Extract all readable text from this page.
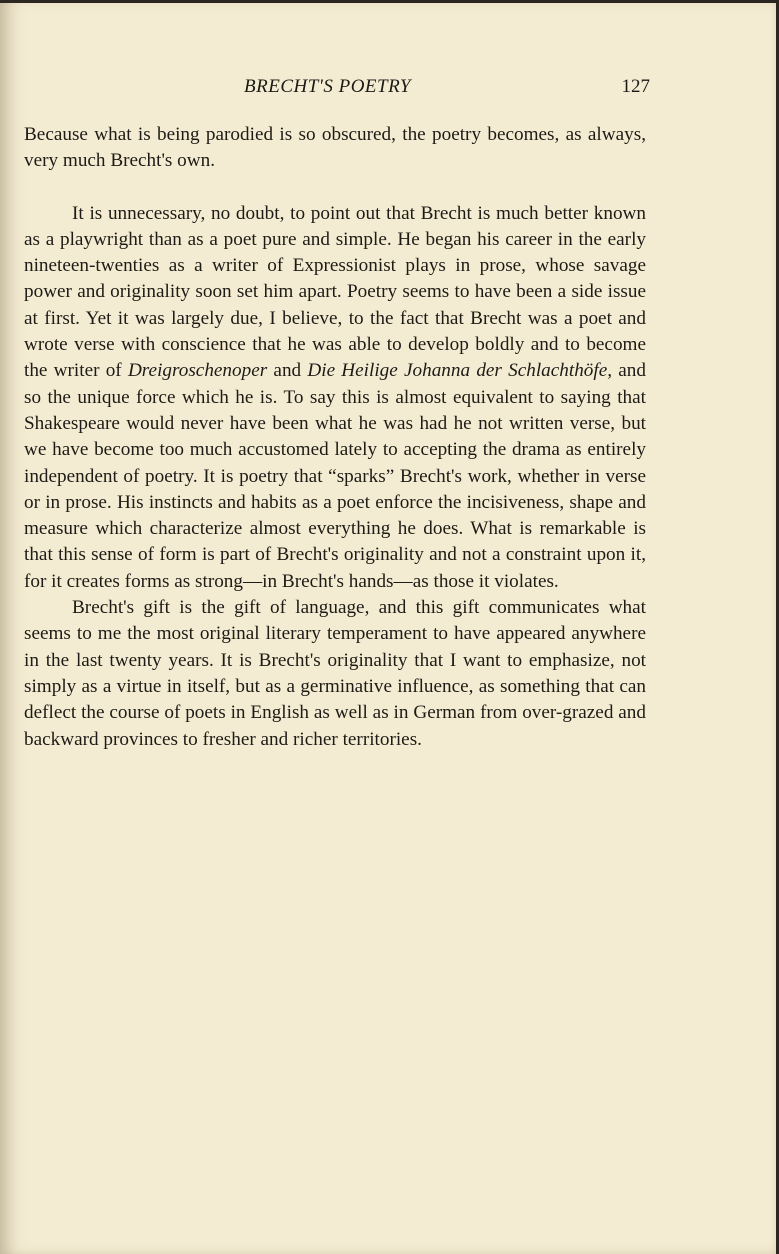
BRECHT'S POETRY	127

Because what is being parodied is so obscured, the poetry becomes, as always, very much Brecht's own.

It is unnecessary, no doubt, to point out that Brecht is much better known as a playwright than as a poet pure and simple. He began his career in the early nineteen-twenties as a writer of Expressionist plays in prose, whose savage power and originality soon set him apart. Poetry seems to have been a side issue at first. Yet it was largely due, I believe, to the fact that Brecht was a poet and wrote verse with conscience that he was able to develop boldly and to become the writer of Dreigroschenoper and Die Heilige Johanna der Schlachthöfe, and so the unique force which he is. To say this is almost equivalent to saying that Shakespeare would never have been what he was had he not written verse, but we have become too much accustomed lately to accepting the drama as entirely independent of poetry. It is poetry that “sparks” Brecht's work, whether in verse or in prose. His instincts and habits as a poet enforce the incisiveness, shape and measure which characterize almost everything he does. What is remarkable is that this sense of form is part of Brecht's originality and not a constraint upon it, for it creates forms as strong—in Brecht's hands—as those it violates.

Brecht's gift is the gift of language, and this gift communicates what seems to me the most original literary temperament to have appeared anywhere in the last twenty years. It is Brecht's originality that I want to emphasize, not simply as a virtue in itself, but as a germinative influence, as something that can deflect the course of poets in English as well as in German from over-grazed and backward provinces to fresher and richer territories.
